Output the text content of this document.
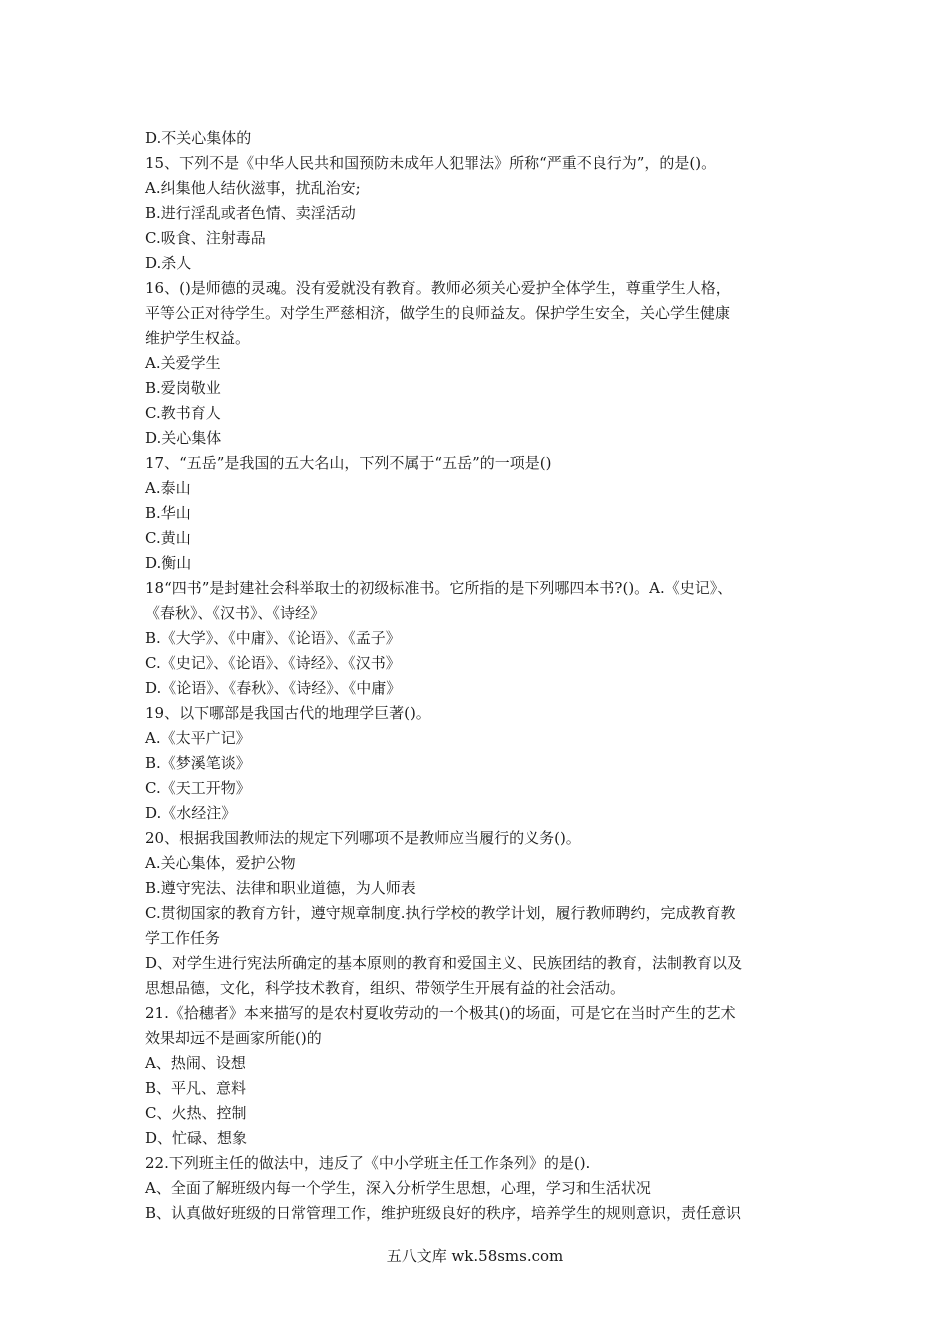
D.不关心集体的
15、下列不是《中华人民共和国预防未成年人犯罪法》所称“严重不良行为”，的是()。
A.纠集他人结伙滋事，扰乱治安;
B.进行淫乱或者色情、卖淫活动
C.吸食、注射毒品
D.杀人
16、()是师德的灵魂。没有爱就没有教育。教师必须关心爱护全体学生，尊重学生人格，
平等公正对待学生。对学生严慈相济，做学生的良师益友。保护学生安全，关心学生健康
维护学生权益。
A.关爱学生
B.爱岗敬业
C.教书育人
D.关心集体
17、“五岳”是我国的五大名山，下列不属于“五岳”的一项是()
A.泰山
B.华山
C.黄山
D.衡山
18“四书”是封建社会科举取士的初级标准书。它所指的是下列哪四本书?()。A.《史记》、
《春秋》、《汉书》、《诗经》
B.《大学》、《中庸》、《论语》、《孟子》
C.《史记》、《论语》、《诗经》、《汉书》
D.《论语》、《春秋》、《诗经》、《中庸》
19、以下哪部是我国古代的地理学巨著()。
A.《太平广记》
B.《梦溪笔谈》
C.《天工开物》
D.《水经注》
20、根据我国教师法的规定下列哪项不是教师应当履行的义务()。
A.关心集体，爱护公物
B.遵守宪法、法律和职业道德，为人师表
C.贯彻国家的教育方针，遵守规章制度.执行学校的教学计划，履行教师聘约，完成教育教
学工作任务
D、对学生进行宪法所确定的基本原则的教育和爱国主义、民族团结的教育，法制教育以及
思想品德，文化，科学技术教育，组织、带领学生开展有益的社会活动。
21.《拾穗者》本来描写的是农村夏收劳动的一个极其()的场面，可是它在当时产生的艺术
效果却远不是画家所能()的
A、热闹、设想
B、平凡、意料
C、火热、控制
D、忙碌、想象
22.下列班主任的做法中，违反了《中小学班主任工作条列》的是().
A、全面了解班级内每一个学生，深入分析学生思想，心理，学习和生活状况
B、认真做好班级的日常管理工作，维护班级良好的秩序，培养学生的规则意识，责任意识
五八文库 wk.58sms.com
